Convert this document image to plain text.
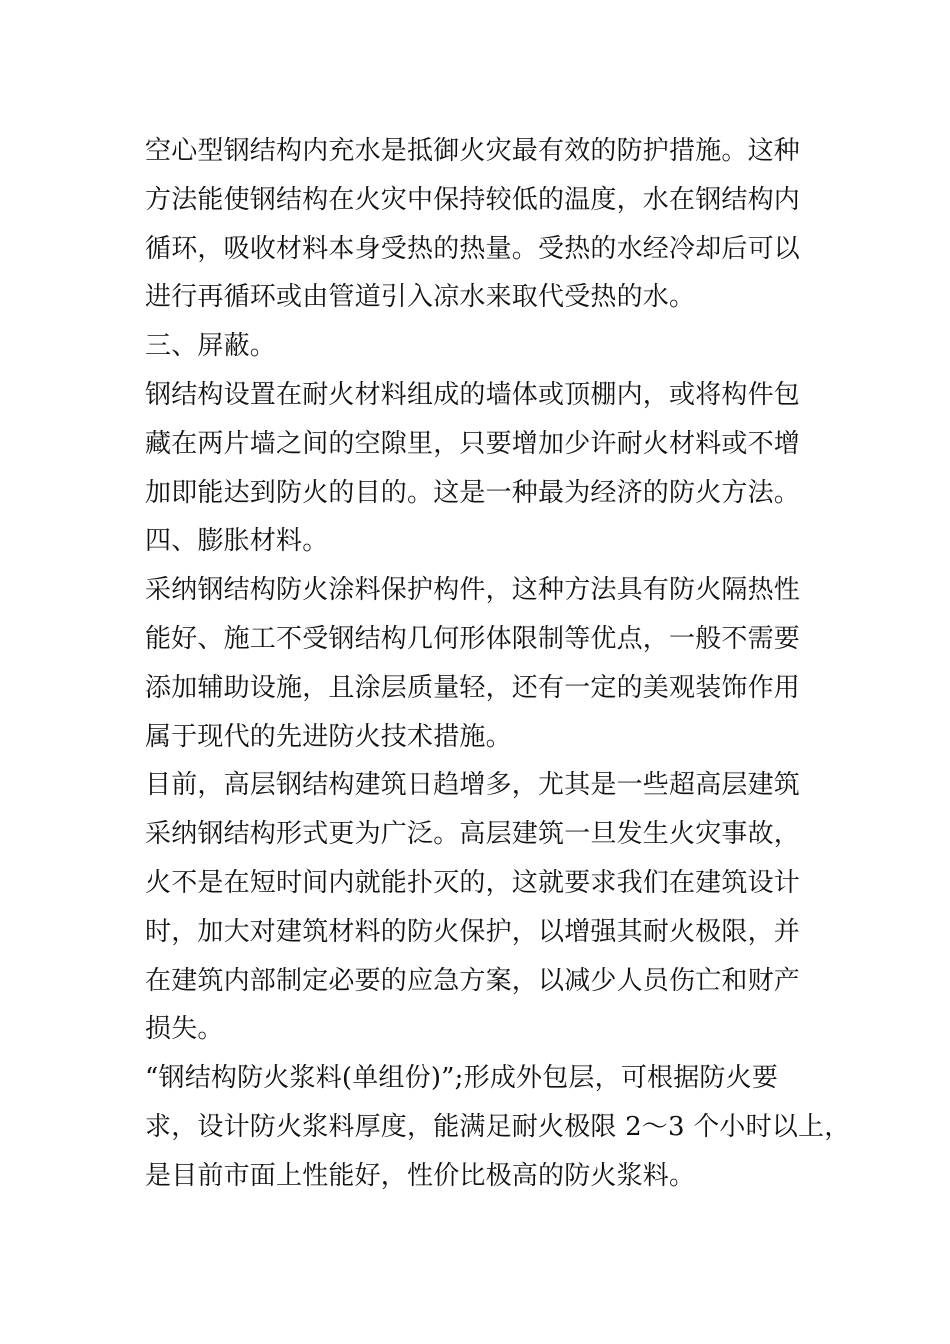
空心型钢结构内充水是抵御火灾最有效的防护措施。这种
方法能使钢结构在火灾中保持较低的温度，水在钢结构内
循环，吸收材料本身受热的热量。受热的水经冷却后可以
进行再循环或由管道引入凉水来取代受热的水。
三、屏蔽。
钢结构设置在耐火材料组成的墙体或顶棚内，或将构件包
藏在两片墙之间的空隙里，只要增加少许耐火材料或不增
加即能达到防火的目的。这是一种最为经济的防火方法。
四、膨胀材料。
采纳钢结构防火涂料保护构件，这种方法具有防火隔热性
能好、施工不受钢结构几何形体限制等优点，一般不需要
添加辅助设施，且涂层质量轻，还有一定的美观装饰作用
属于现代的先进防火技术措施。
目前，高层钢结构建筑日趋增多，尤其是一些超高层建筑
采纳钢结构形式更为广泛。高层建筑一旦发生火灾事故，
火不是在短时间内就能扑灭的，这就要求我们在建筑设计
时，加大对建筑材料的防火保护，以增强其耐火极限，并
在建筑内部制定必要的应急方案，以减少人员伤亡和财产
损失。
“钢结构防火浆料(单组份)”;形成外包层，可根据防火要
求，设计防火浆料厚度，能满足耐火极限 2～3 个小时以上，
是目前市面上性能好，性价比极高的防火浆料。
